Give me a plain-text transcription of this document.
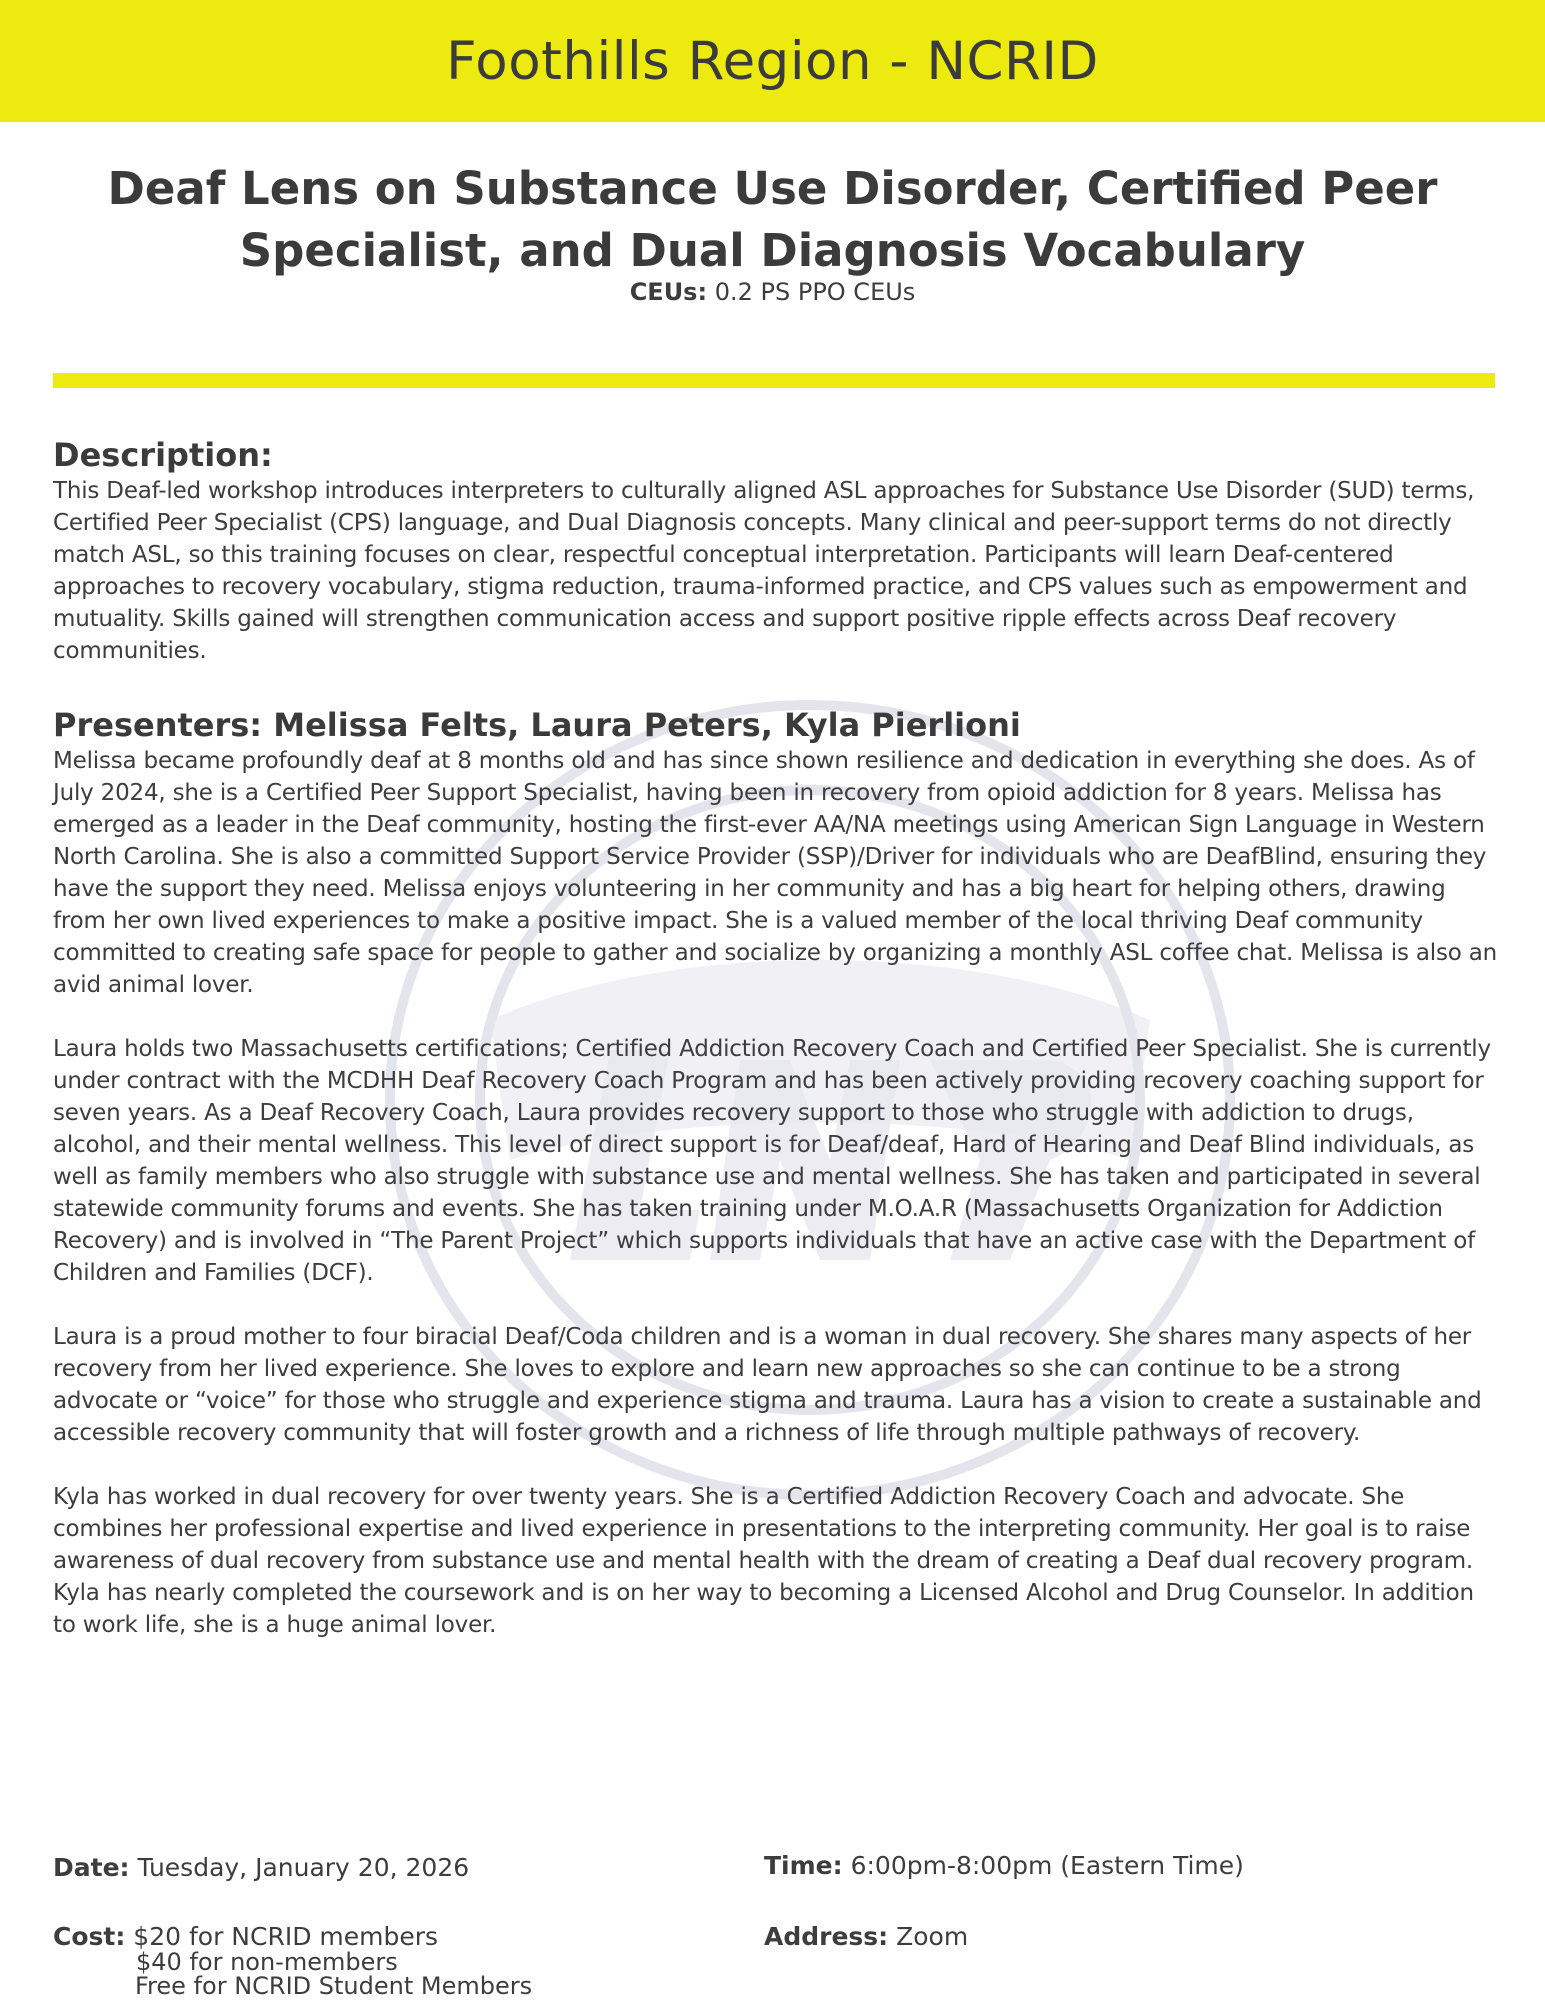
Foothills Region - NCRID
Deaf Lens on Substance Use Disorder, Certified Peer
Specialist, and Dual Diagnosis Vocabulary
CEUs: 0.2 PS PPO CEUs
Description:

This Deaf-led workshop introduces interpreters to culturally aligned ASL approaches for Substance Use Disorder (SUD) terms, Certified Peer Specialist (CPS) language, and Dual Diagnosis concepts. Many clinical and peer-support terms do not directly match ASL, so this training focuses on clear, respectful conceptual interpretation. Participants will learn Deaf-centered approaches to recovery vocabulary, stigma reduction, trauma-informed practice, and CPS values such as empowerment and mutuality. Skills gained will strengthen communication access and support positive ripple effects across Deaf recovery communities.

Presenters: Melissa Felts, Laura Peters, Kyla Pierlioni

Melissa became profoundly deaf at 8 months old and has since shown resilience and dedication in everything she does. As of July 2024, she is a Certified Peer Support Specialist, having been in recovery from opioid addiction for 8 years. Melissa has emerged as a leader in the Deaf community, hosting the first-ever AA/NA meetings using American Sign Language in Western North Carolina. She is also a committed Support Service Provider (SSP)/Driver for individuals who are DeafBlind, ensuring they have the support they need. Melissa enjoys volunteering in her community and has a big heart for helping others, drawing from her own lived experiences to make a positive impact. She is a valued member of the local thriving Deaf community committed to creating safe space for people to gather and socialize by organizing a monthly ASL coffee chat. Melissa is also an avid animal lover.

Laura holds two Massachusetts certifications; Certified Addiction Recovery Coach and Certified Peer Specialist. She is currently under contract with the MCDHH Deaf Recovery Coach Program and has been actively providing recovery coaching support for seven years. As a Deaf Recovery Coach, Laura provides recovery support to those who struggle with addiction to drugs, alcohol, and their mental wellness. This level of direct support is for Deaf/deaf, Hard of Hearing and Deaf Blind individuals, as well as family members who also struggle with substance use and mental wellness. She has taken and participated in several statewide community forums and events. She has taken training under M.O.A.R (Massachusetts Organization for Addiction Recovery) and is involved in “The Parent Project” which supports individuals that have an active case with the Department of Children and Families (DCF).

Laura is a proud mother to four biracial Deaf/Coda children and is a woman in dual recovery. She shares many aspects of her recovery from her lived experience. She loves to explore and learn new approaches so she can continue to be a strong advocate or “voice” for those who struggle and experience stigma and trauma. Laura has a vision to create a sustainable and accessible recovery community that will foster growth and a richness of life through multiple pathways of recovery.

Kyla has worked in dual recovery for over twenty years. She is a Certified Addiction Recovery Coach and advocate. She combines her professional expertise and lived experience in presentations to the interpreting community. Her goal is to raise awareness of dual recovery from substance use and mental health with the dream of creating a Deaf dual recovery program. Kyla has nearly completed the coursework and is on her way to becoming a Licensed Alcohol and Drug Counselor. In addition to work life, she is a huge animal lover.

Date: Tuesday, January 20, 2026	Time: 6:00pm-8:00pm (Eastern Time)
Cost: $20 for NCRID members	Address: Zoom
$40 for non-members
Free for NCRID Student Members
